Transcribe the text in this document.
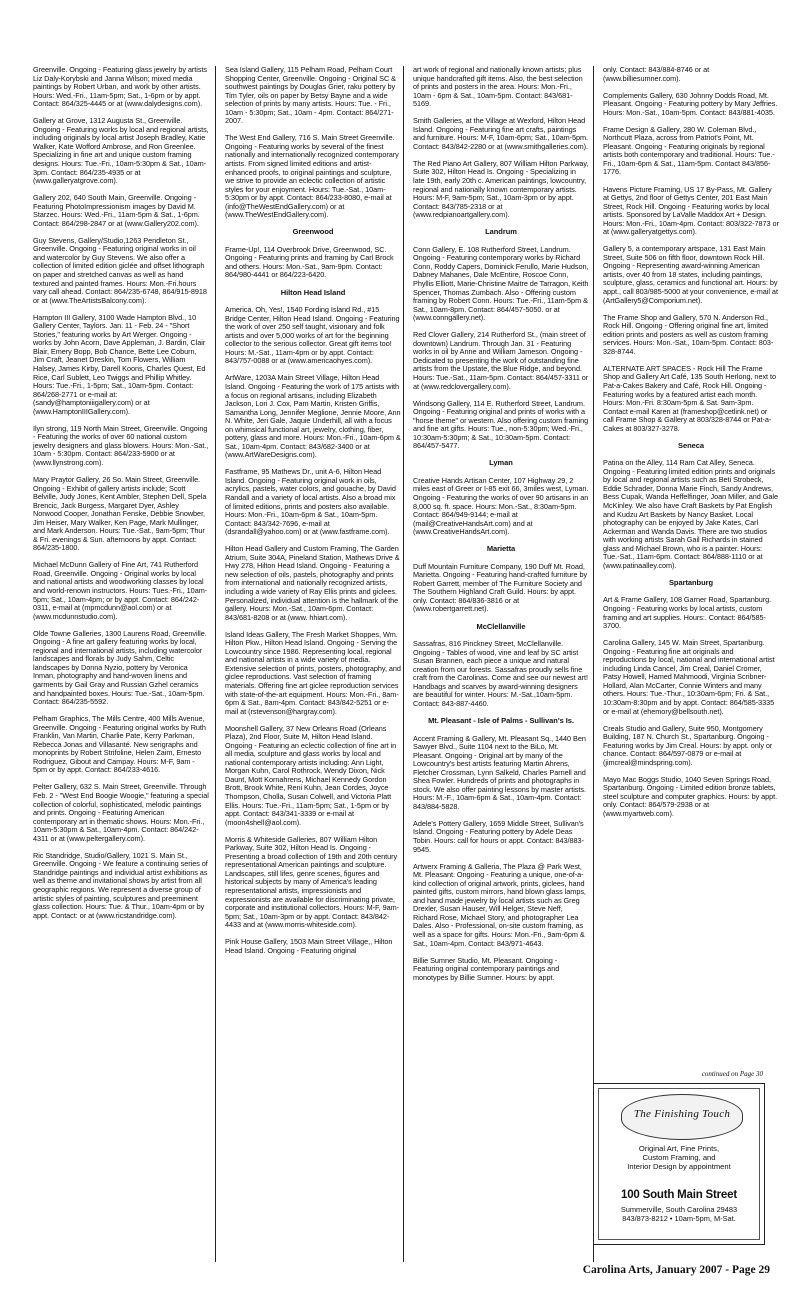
Greenville. Ongoing - Featuring glass jewelry by artists Liz Daly-Korybski and Janna Wilson; mixed media paintings by Robert Urban, and work by other artists. Hours: Wed.-Fri., 11am-5pm; Sat., 1-6pm or by appt. Contact: 864/325-4445 or at (www.dalydesigns.com).

Gallery at Grove, 1312 Augusta St., Greenville. Ongoing - Featuring works by local and regional artists, including originals by local artist Joseph Bradley, Katie Walker, Kate Wofford Ambrose, and Ron Greenlee. Specializing in fine art and unique custom framing designs. Hours: Tue.-Fri., 10am-5:30pm & Sat., 10am-3pm. Contact: 864/235-4935 or at (www.galleryatgrove.com).

Gallery 202, 640 South Main, Greenville. Ongoing - Featuring PhotoImpressionism images by David M. Starzec. Hours: Wed.-Fri., 11am-5pm & Sat., 1-6pm. Contact: 864/298-2847 or at (www.Gallery202.com).

Guy Stevens, Gallery/Studio,1263 Pendleton St., Greenville. Ongoing - Featuring original works in oil and watercolor by Guy Stevens. We also offer a collection of limited edition giclée and offset lithograph on paper and stretched canvas as well as hand textured and painted frames. Hours: Mon.-Fri.hours vary call ahead. Contact: 864/235-6748, 864/915-8918 or at (www.TheArtistsBalcony.com).

Hampton III Gallery, 3100 Wade Hampton Blvd., 10 Gallery Center, Taylors. Jan. 11 - Feb. 24 - "Short Stories," featuring works by Art Werger. Ongoing - works by John Acorn, Dave Appleman, J. Bardin, Clair Blair, Emery Bopp, Bob Chance, Bette Lee Coburn, Jim Craft, Jeanet Dreskin, Tom Flowers, William Halsey, James Kirby, Darell Koons, Charles Quest, Ed Rice, Carl Sublett, Leo Twiggs and Phillip Whitley. Hours: Tue.-Fri., 1-5pm; Sat., 10am-5pm. Contact: 864/268-2771 or e-mail at: (sandy@hamptoniiigallery.com) or at (www.HamptonIIIGallery.com).

Ilyn strong, 119 North Main Street, Greenville. Ongoing - Featuring the works of over 60 national custom jewelry designers and glass blowers. Hours: Mon.-Sat., 10am - 5:30pm. Contact: 864/233-5900 or at (www.llynstrong.com).

Mary Praytor Gallery, 26 So. Main Street, Greenville. Ongoing - Exhibit of gallery artists include; Scott Belville, Judy Jones, Kent Ambler, Stephen Dell, Spela Brencic, Jack Burgess, Margaret Dyer, Ashley Norwood Cooper, Jonathan Fenske, Debbie Snowber, Jim Heiser, Mary Walker, Ken Page, Mark Mullinger, and Mark Anderson. Hours: Tue.-Sat., 9am-5pm; Thur & Fri. evenings & Sun. afternoons by appt. Contact: 864/235-1800.

Michael McDunn Gallery of Fine Art, 741 Rutherford Road, Greenville. Ongoing - Original works by local and national artists and woodworking classes by local and world-renown instructors. Hours: Tues.-Fri., 10am-5pm; Sat., 10am-4pm; or by appt. Contact: 864/242-0311, e-mail at (mpmcdunn@aol.com) or at (www.mcdunnstudio.com).

Olde Towne Galleries, 1300 Laurens Road, Greenville. Ongoing - A fine art gallery featuring works by local, regional and international artists, including watercolor landscapes and florals by Judy Sahm, Celtic landscapes by Donna Nyzio, pottery by Veronica Inman, photography and hand-woven linens and garments by Gail Gray and Russian Gzhel ceramics and handpainted boxes. Hours: Tue.-Sat., 10am-5pm. Contact: 864/235-5592.

Pelham Graphics, The Mills Centre, 400 Mills Avenue, Greenville. Ongoing - Featuring original works by Ruth Franklin, Van Martin, Charlie Pate, Kerry Parkman, Rebecca Jonas and Villasanté. New serigraphs and monoprints by Robert Strifoline, Helen Zaim, Ernesto Rodriguez, Gibout and Campay. Hours: M-F, 9am - 5pm or by appt. Contact: 864/233-4616.

Pelter Gallery, 632 S. Main Street, Greenville. Through Feb. 2 - "West End Boogie Woogie," featuring a special collection of colorful, sophisticated, melodic paintings and prints. Ongoing - Featuring American contemporary art in thematic shows. Hours: Mon.-Fri., 10am-5:30pm & Sat., 10am-4pm. Contact: 864/242-4311 or at (www.peltergallery.com).

Ric Standridge, Studio/Gallery, 1021 S. Main St., Greenville. Ongoing - We feature a continuing series of Standridge paintings and individual artist exhibitions as well as theme and invitational shows by artist from all geographic regions. We represent a diverse group of artistic styles of painting, sculptures and preeminent glass collection. Hours: Tue. & Thur., 10am-4pm or by appt. Contact: or at (www.ricstandridge.com).

Sea Island Gallery, 115 Pelham Road, Pelham Court Shopping Center, Greenville. Ongoing - Original SC & southwest paintings by Douglas Grier, raku pottery by Tim Tyler, oils on paper by Betsy Bayne and a wide selection of prints by many artists. Hours: Tue. - Fri., 10am - 5:30pm; Sat., 10am - 4pm. Contact: 864/271-2007.

The West End Gallery, 716 S. Main Street Greenville. Ongoing - Featuring works by several of the finest nationally and internationally recognized contemporary artists. From signed limited editions and artist-enhanced proofs, to original paintings and sculpture, we strive to provide an eclectic collection of artistic styles for your enjoyment. Hours: Tue.-Sat., 10am-5:30pm or by appt. Contact: 864/233-8080, e-mail at (info@TheWestEndGallery.com) or at (www.TheWestEndGallery.com).

Greenwood

Frame-Up!, 114 Overbrook Drive, Greenwood, SC. Ongoing - Featuring prints and framing by Carl Brock and others. Hours: Mon.-Sat., 9am-9pm. Contact: 864/980-4441 or 864/223-6420.

Hilton Head Island

America. Oh, Yes!, 1540 Fording Island Rd., #15 Bridge Center, Hilton Head Island. Ongoing - Featuring the work of over 250 self taught, visionary and folk artists and over 5,000 works of art for the beginning collector to the serious collector. Great gift items too! Hours: M.-Sat., 11am-4pm or by appt. Contact: 843/757-0088 or at (www.americaohyes.com).

ArtWare, 1203A Main Street Village, Hilton Head Island. Ongoing - Featuring the work of 175 artists with a focus on regional artisans, including Elizabeth Jackson, Lori J. Cox, Pam Martin, Kristen Griffis, Samantha Long, Jennifer Meglione, Jennie Moore, Ann N. White, Jeri Gale, Jaquie Underhill, all with a focus on whimsical functional art, jewelry, clothing, fiber, pottery, glass and more. Hours: Mon.-Fri., 10am-6pm & Sat., 10am-4pm. Contact: 843/682-3400 or at (www.ArtWareDesigns.com).

Fastframe, 95 Mathews Dr., unit A-6, Hilton Head Island. Ongoing - Featuring original work in oils, acrylics, pastels, water colors, and gouache, by David Randall and a variety of local artists. Also a broad mix of limited editions, prints and posters also available. Hours: Mon.-Fri., 10am-6pm & Sat., 10am-5pm. Contact: 843/342-7696, e-mail at (dsrandall@yahoo.com) or at (www.fastframe.com).

Hilton Head Gallery and Custom Framing, The Garden Atrium, Suite 304A, Pineland Station, Mathews Drive & Hwy 278, Hilton Head Island. Ongoing - Featuring a new selection of oils, pastels, photography and prints from international and nationally recognized artists, including a wide variety of Ray Ellis prints and giclees. Personalized, individual attention is the hallmark of the gallery. Hours: Mon.-Sat., 10am-6pm. Contact: 843/681-8208 or at (www. hhiart.com).

Island Ideas Gallery, The Fresh Market Shoppes, Wm. Hilton Pkw., Hilton Head Island. Ongoing - Serving the Lowcountry since 1986. Representing local, regional and national artists in a wide variety of media. Extensive selection of prints, posters, photography, and giclee reproductions. Vast selection of framing materials. Offering fine art giclee reproduction services with state-of-the-art equipment. Hours: Mon.-Fri., 8am-6pm & Sat., 8am-4pm. Contact: 843/842-5251 or e-mail at (rstevenson@hargray.com).

Moonshell Gallery, 37 New Orleans Road (Orleans Plaza), 2nd Floor, Suite M, Hilton Head Island. Ongoing - Featuring an eclectic collection of fine art in all media, sculpture and glass works by local and national contemporary artists including: Ann Light, Morgan Kuhn, Carol Rothrock, Wendy Dixon, Nick Daunt, Mott Kornahrens, Michael Kennedy Gordon Brott, Brook White, Reni Kuhn, Jean Cordes, Joyce Thompson, Cholla, Susan Colwell, and Victoria Platt Ellis. Hours: Tue.-Fri., 11am-5pm; Sat., 1-5pm or by appt. Contact: 843/341-3339 or e-mail at (moon4shell@aol.com).

Morris & Whiteside Galleries, 807 William Hilton Parkway, Suite 302, Hilton Head Is. Ongoing - Presenting a broad collection of 19th and 20th century representational American paintings and sculpture. Landscapes, still lifes, genre scenes, figures and historical subjects by many of America's leading representational artists, impressionists and expressionists are available for discriminating private, corporate and institutional collectors. Hours: M-F, 9am-5pm; Sat., 10am-3pm or by appt. Contact: 843/842-4433 and at (www.morris-whiteside.com).

Pink House Gallery, 1503 Main Street Village,, Hilton Head Island. Ongoing - Featuring original

art work of regional and nationally known artists; plus unique handcrafted gift items. Also, the best selection of prints and posters in the area. Hours: Mon.-Fri., 10am - 6pm & Sat., 10am-5pm. Contact: 843/681-5169.

Smith Galleries, at the Village at Wexford, Hilton Head Island. Ongoing - Featuring fine art crafts, paintings and furniture. Hours: M-F, 10am-6pm; Sat., 10am-5pm. Contact: 843/842-2280 or at (www.smithgalleries.com).

The Red Piano Art Gallery, 807 William Hilton Parkway, Suite 302, Hilton Head Is. Ongoing - Specializing in late 19th, early 20th c. American paintings, lowcountry, regional and nationally known contemporary artists. Hours: M-F, 9am-5pm; Sat., 10am-3pm or by appt. Contact: 843/785-2318 or at (www.redpianoartgallery.com).

Landrum

Conn Gallery, E. 108 Rutherford Street, Landrum. Ongoing - Featuring contemporary works by Richard Conn, Roddy Capers, Dominick Ferullo, Marie Hudson, Dabney Mahanes, Dale McEntire, Roscoe Conn, Phyllis Elliott, Marie-Christine Maitre de Tarragon, Keith Spencer, Thomas Zumbach. Also - Offering custom framing by Robert Conn. Hours: Tue.-Fri., 11am-5pm & Sat., 10am-8pm. Contact: 864/457-5050. or at (www.conngallery.net).

Red Clover Gallery, 214 Rutherford St., (main street of downtown) Landrum. Through Jan. 31 - Featuring works in oil by Anne and William Jameson. Ongoing - Dedicated to presenting the work of outstanding fine artists from the Upstate, the Blue Ridge, and beyond. Hours: Tue.-Sat., 11am-5pm. Contact: 864/457-3311 or at (www.redclovergallery.com).

Windsong Gallery, 114 E. Rutherford Street, Landrum. Ongoing - Featuring original and prints of works with a "horse theme" or western. Also offering custom framing and fine art gifts. Hours: Tue., non-5:30pm; Wed.-Fri., 10:30am-5:30pm; & Sat., 10:30am-5pm. Contact: 864/457-5477.

Lyman

Creative Hands Artisan Center, 107 Highway 29, 2 miles east of Greer or I-85 exit 66, 3miles west, Lyman. Ongoing - Featuring the works of over 90 artisans in an 8,000 sq. ft. space. Hours: Mon.-Sat., 8:30am-5pm. Contact: 864/949-9144; e-mail at (mail@CreativeHandsArt.com) and at (www.CreativeHandsArt.com).

Marietta

Duff Mountain Furniture Company, 190 Duff Mt. Road, Marietta. Ongoing - Featuring hand-crafted furniture by Robert Garrett, member of The Furniture Society and The Southern Highland Craft Guild. Hours: by appt. only. Contact: 864/836-3816 or at (www.robertgarrett.net).

McClellanville

Sassafras, 816 Pinckney Street, McClellanville. Ongoing - Tables of wood, vine and leaf by SC artist Susan Brannen, each piece a unique and natural creation from our forests. Sassafras proudly sells fine craft from the Carolinas. Come and see our newest art! Handbags and scarves by award-winning designers are beautiful for winter. Hours: M.-Sat.,10am-5pm. Contact: 843-887-4460.

Mt. Pleasant - Isle of Palms - Sullivan's Is.

Accent Framing & Gallery, Mt. Pleasant Sq., 1440 Ben Sawyer Blvd., Suite 1104 next to the BiLo, Mt. Pleasant. Ongoing - Original art by many of the Lowcountry's best artists featuring Martin Ahrens, Fletcher Crossman, Lynn Salkeld, Charles Parnell and Shea Fowler. Hundreds of prints and photographs in stock. We also offer painting lessons by master artists. Hours: M.-F., 10am-6pm & Sat., 10am-4pm. Contact: 843/884-5828.

Adele's Pottery Gallery, 1659 Middle Street, Sullivan's Island. Ongoing - Featuring pottery by Adele Deas Tobin. Hours: call for hours or appt. Contact: 843/883-9545.

Artwerx Framing & Galleria, The Plaza @ Park West, Mt. Pleasant. Ongoing - Featuring a unique, one-of-a-kind collection of original artwork, prints, giclees, hand painted gifts, custom mirrors, hand blown glass lamps, and hand made jewelry by local artists such as Greg Drexler, Susan Hauser, Will Helger, Steve Neff, Richard Rose, Michael Story, and photographer Lea Dales. Also - Professional, on-site custom framing, as well as a space for gifts. Hours: Mon.-Fri., 9am-6pm & Sat., 10am-4pm. Contact: 843/971-4643.

Billie Sumner Studio, Mt. Pleasant. Ongoing - Featuring original contemporary paintings and monotypes by Billie Sumner. Hours: by appt.

only. Contact: 843/884-8746 or at (www.billiesumner.com).

Complements Gallery, 630 Johnny Dodds Road, Mt. Pleasant. Ongoing - Featuring pottery by Mary Jeffries. Hours: Mon.-Sat., 10am-5pm. Contact: 843/881-4035.

Frame Design & Gallery, 280 W. Coleman Blvd., Northcutt Plaza, across from Patriot's Point, Mt. Pleasant. Ongoing - Featuring originals by regional artists both contemporary and traditional. Hours: Tue.-Fri., 10am-6pm & Sat., 11am-5pm. Contact 843/856-1776.

Havens Picture Framing, US 17 By-Pass, Mt. Gallery at Gettys, 2nd floor of Gettys Center, 201 East Main Street, Rock Hill. Ongoing - Featuring works by local artists. Sponsored by LaValle Maddox Art + Design. Hours: Mon.-Fri., 10am-4pm. Contact: 803/322-7873 or at (www.galleryatgettys.com).

Gallery 5, a contemporary artspace, 131 East Main Street, Suite 506 on fifth floor, downtown Rock Hill. Ongoing - Representing award-winning American artists, over 40 from 18 states, including paintings, sculpture, glass, ceramics and functional art. Hours: by appt., call 803/985-5000 at your convenience, e-mail at (ArtGallery5@Comporium.net).

The Frame Shop and Gallery, 570 N. Anderson Rd., Rock Hill. Ongoing - Offering original fine art, limited edition prints and posters as well as custom framing services. Hours: Mon.-Sat., 10am-5pm. Contact: 803-328-8744.

ALTERNATE ART SPACES - Rock Hill The Frame Shop and Gallery Art Café, 135 South Herlong, next to Pat-a-Cakes Bakery and Café, Rock Hill. Ongoing - Featuring works by a featured artist each month. Hours: Mon.-Fri. 8:30am-5pm & Sat. 9am-3pm. Contact e-mail Karen at (frameshop@cetlink.net) or call Frame Shop & Gallery at 803/328-8744 or Pat-a-Cakes at 803/327-3278.

Seneca

Patina on the Alley, 114 Ram Cat Alley, Seneca. Ongoing - Featuring limited edition prints and originals by local and regional artists such as Beti Strobeck, Eddie Schrader, Donna Marie Finch, Sandy Andrews, Bess Cupak, Wanda Heffelfinger, Joan Miller, and Gale McKinley. We also have Craft Baskets by Pat English and Kudzu Art Baskets by Nancy Basket. Local photography can be enjoyed by Jake Kates, Carl Ackerman and Wanda Davis. There are two studios with working artists Sarah Gail Richards in stained glass and Michael Brown, who is a painter. Hours: Tue.-Sat., 11am-6pm. Contact: 864/888-1110 or at (www.patinaalley.com).

Spartanburg

Art & Frame Gallery, 108 Garner Road, Spartanburg. Ongoing - Featuring works by local artists, custom framing and art supplies. Hours:. Contact: 864/585-3700.

Carolina Gallery, 145 W. Main Street, Spartanburg. Ongoing - Featuring fine art originals and reproductions by local, national and international artist including Linda Cancel, Jim Creal, Daniel Cromer, Patsy Howell, Hamed Mahmoodi, Virginia Scribner-Hollard, Alan McCarter, Connie Winters and many others. Hours: Tue.-Thur., 10:30am-6pm; Fri. & Sat., 10:30am-8:30pm and by appt. Contact: 864/585-3335 or e-mail at (ehemory@bellsouth.net).

Creals Studio and Gallery, Suite 950, Montgomery Building, 187 N. Church St., Spartanburg. Ongoing - Featuring works by Jim Creal. Hours: by appt. only or chance. Contact: 864/597-0879 or e-mail at (jimcreal@mindspring.com).

Mayo Mac Boggs Studio, 1040 Seven Springs Road, Spartanburg. Ongoing - Limited edition bronze tablets, steel sculpture and computer graphics. Hours: by appt. only. Contact: 864/579-2938 or at (www.myartweb.com).

continued on Page 30
The Finishing Touch
Original Art, Fine Prints,
Custom Framing, and
Interior Design by appointment
100 South Main Street
Summerville, South Carolina 29483
843/873-8212 • 10am-5pm, M-Sat.
Carolina Arts, January 2007 - Page 29
